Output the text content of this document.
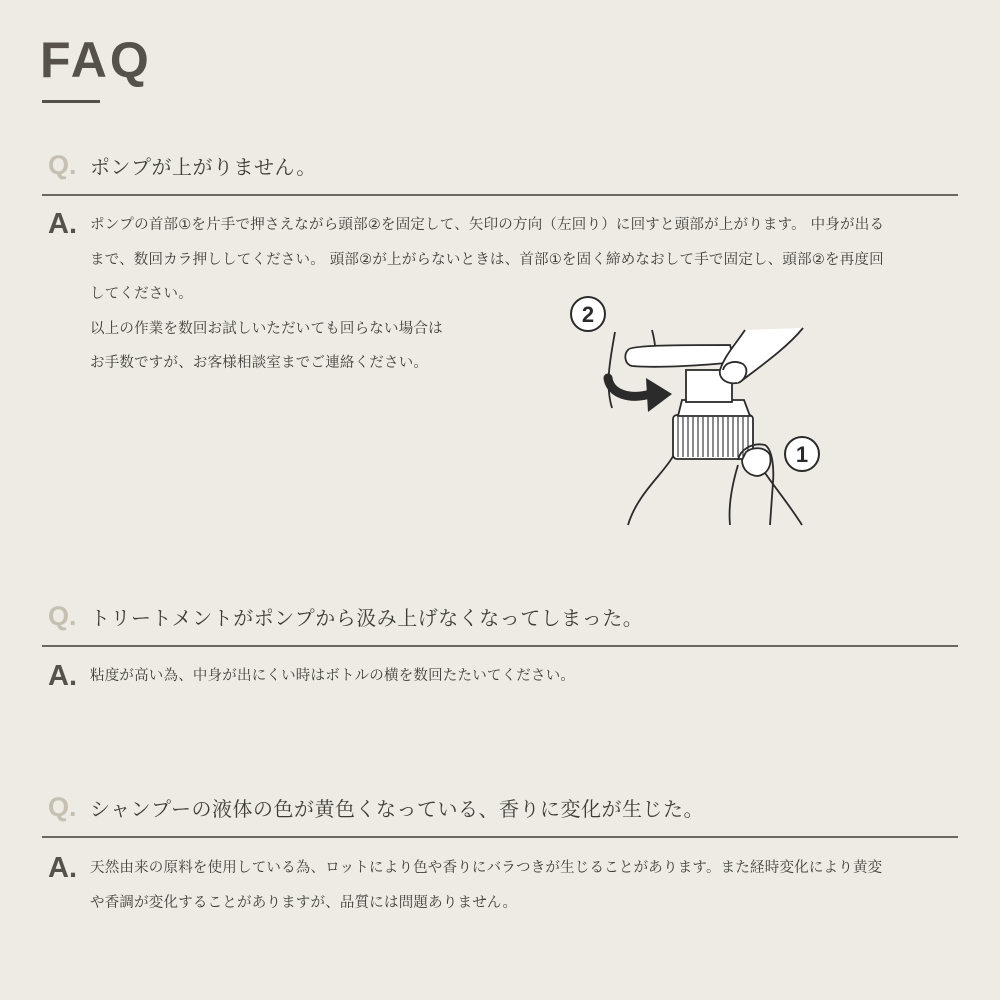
FAQ
Q. ポンプが上がりません。
A. ポンプの首部①を片手で押さえながら頭部②を固定して、矢印の方向（左回り）に回すと頭部が上がります。 中身が出る

まで、数回カラ押ししてください。 頭部②が上がらないときは、首部①を固く締めなおして手で固定し、頭部②を再度回

してください。

以上の作業を数回お試しいただいても回らない場合は

お手数ですが、お客様相談室までご連絡ください。

2
1
Q. トリートメントがポンプから汲み上げなくなってしまった。
A. 粘度が高い為、中身が出にくい時はボトルの横を数回たたいてください。

Q. シャンプーの液体の色が黄色くなっている、香りに変化が生じた。
A. 天然由来の原料を使用している為、ロットにより色や香りにバラつきが生じることがあります。また経時変化により黄変

や香調が変化することがありますが、品質には問題ありません。
